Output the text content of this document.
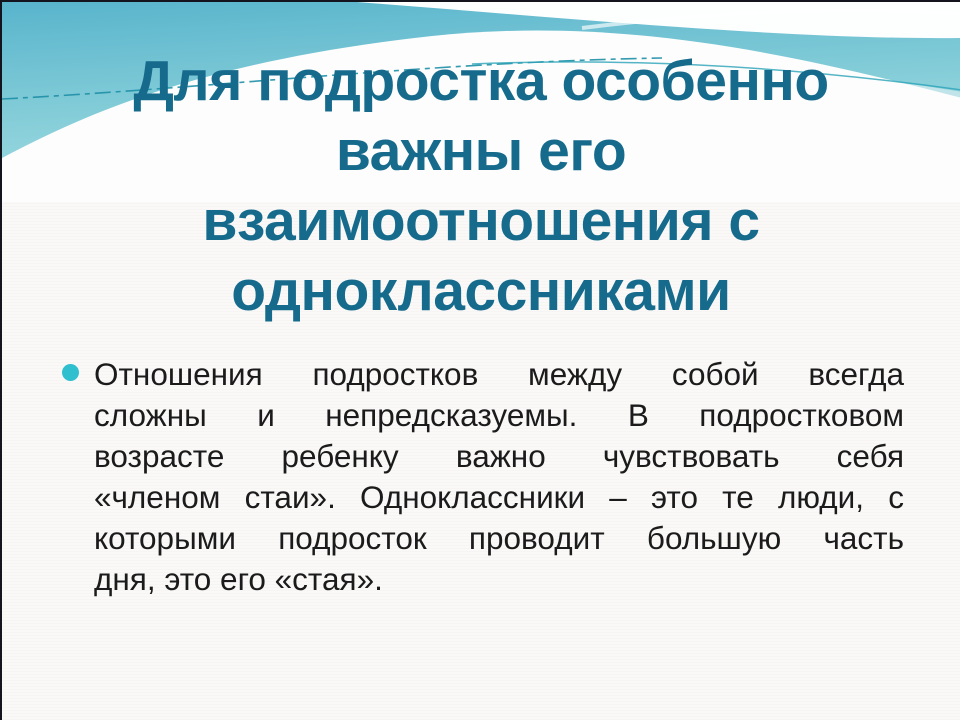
Для подростка особенно
важны его
взаимоотношения с
одноклассниками
Отношения подростков между собой всегда
сложны и непредсказуемы. В подростковом
возрасте ребенку важно чувствовать себя
«членом стаи». Одноклассники – это те люди, с
которыми подросток проводит большую часть
дня, это его «стая».
